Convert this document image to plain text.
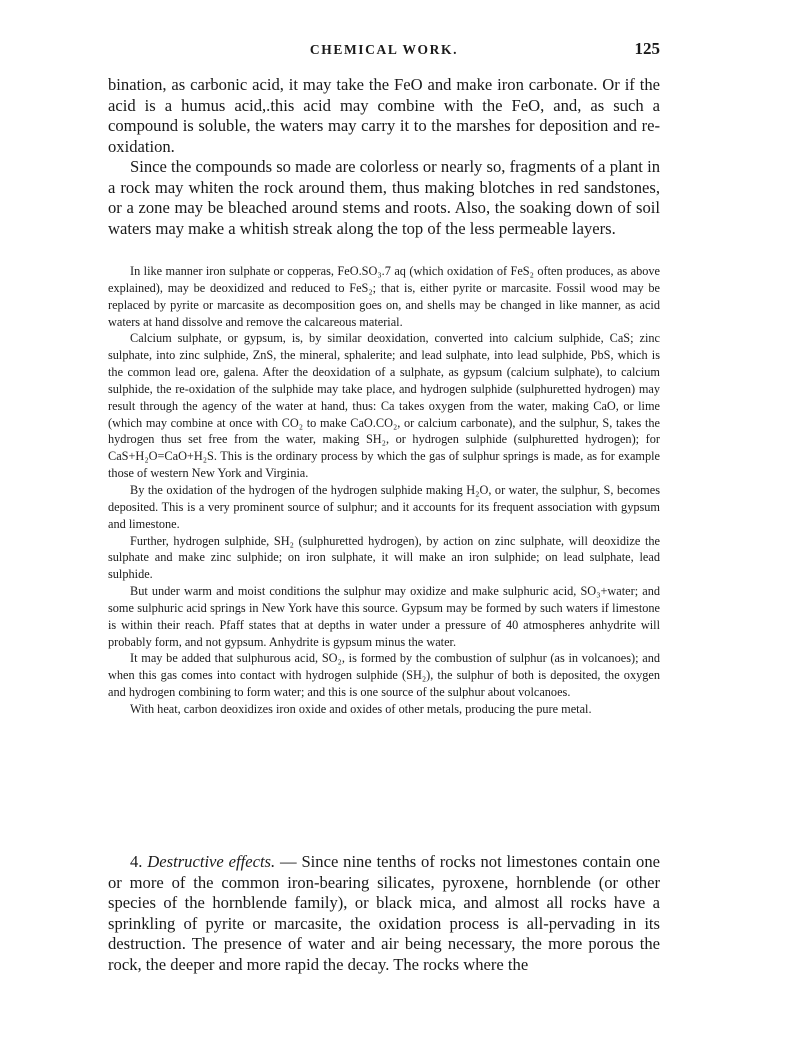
CHEMICAL WORK.	125

bination, as carbonic acid, it may take the FeO and make iron carbonate. Or if the acid is a humus acid,.this acid may combine with the FeO, and, as such a compound is soluble, the waters may carry it to the marshes for deposition and re-oxidation.

Since the compounds so made are colorless or nearly so, fragments of a plant in a rock may whiten the rock around them, thus making blotches in red sandstones, or a zone may be bleached around stems and roots. Also, the soaking down of soil waters may make a whitish streak along the top of the less permeable layers.

In like manner iron sulphate or copperas, FeO.SO₃.7 aq (which oxidation of FeS₂ often produces, as above explained), may be deoxidized and reduced to FeS₂; that is, either pyrite or marcasite. Fossil wood may be replaced by pyrite or marcasite as decomposition goes on, and shells may be changed in like manner, as acid waters at hand dissolve and remove the calcareous material.

Calcium sulphate, or gypsum, is, by similar deoxidation, converted into calcium sulphide, CaS; zinc sulphate, into zinc sulphide, ZnS, the mineral, sphalerite; and lead sulphate, into lead sulphide, PbS, which is the common lead ore, galena. After the deoxidation of a sulphate, as gypsum (calcium sulphate), to calcium sulphide, the re-oxidation of the sulphide may take place, and hydrogen sulphide (sulphuretted hydrogen) may result through the agency of the water at hand, thus: Ca takes oxygen from the water, making CaO, or lime (which may combine at once with CO₂ to make CaO.CO₂, or calcium carbonate), and the sulphur, S, takes the hydrogen thus set free from the water, making SH₂, or hydrogen sulphide (sulphuretted hydrogen); for CaS+H₂O=CaO+H₂S. This is the ordinary process by which the gas of sulphur springs is made, as for example those of western New York and Virginia.

By the oxidation of the hydrogen of the hydrogen sulphide making H₂O, or water, the sulphur, S, becomes deposited. This is a very prominent source of sulphur; and it accounts for its frequent association with gypsum and limestone.

Further, hydrogen sulphide, SH₂ (sulphuretted hydrogen), by action on zinc sulphate, will deoxidize the sulphate and make zinc sulphide; on iron sulphate, it will make an iron sulphide; on lead sulphate, lead sulphide.

But under warm and moist conditions the sulphur may oxidize and make sulphuric acid, SO₃+water; and some sulphuric acid springs in New York have this source. Gypsum may be formed by such waters if limestone is within their reach. Pfaff states that at depths in water under a pressure of 40 atmospheres anhydrite will probably form, and not gypsum. Anhydrite is gypsum minus the water.

It may be added that sulphurous acid, SO₂, is formed by the combustion of sulphur (as in volcanoes); and when this gas comes into contact with hydrogen sulphide (SH₂), the sulphur of both is deposited, the oxygen and hydrogen combining to form water; and this is one source of the sulphur about volcanoes.

With heat, carbon deoxidizes iron oxide and oxides of other metals, producing the pure metal.

4. Destructive effects. — Since nine tenths of rocks not limestones contain one or more of the common iron-bearing silicates, pyroxene, hornblende (or other species of the hornblende family), or black mica, and almost all rocks have a sprinkling of pyrite or marcasite, the oxidation process is all-pervading in its destruction. The presence of water and air being necessary, the more porous the rock, the deeper and more rapid the decay. The rocks where the
